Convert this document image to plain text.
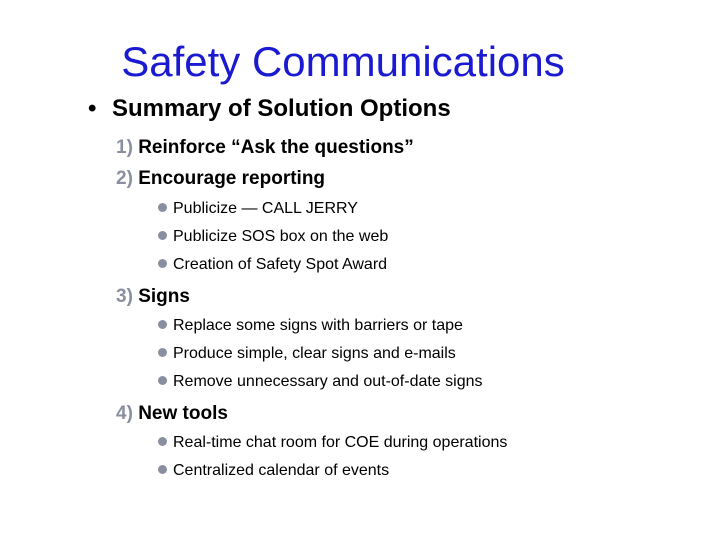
Safety Communications
• Summary of Solution Options
1) Reinforce “Ask the questions”
2) Encourage reporting
Publicize — CALL JERRY
Publicize SOS box on the web
Creation of Safety Spot Award
3) Signs
Replace some signs with barriers or tape
Produce simple, clear signs and e-mails
Remove unnecessary and out-of-date signs
4) New tools
Real-time chat room for COE during operations
Centralized calendar of events
